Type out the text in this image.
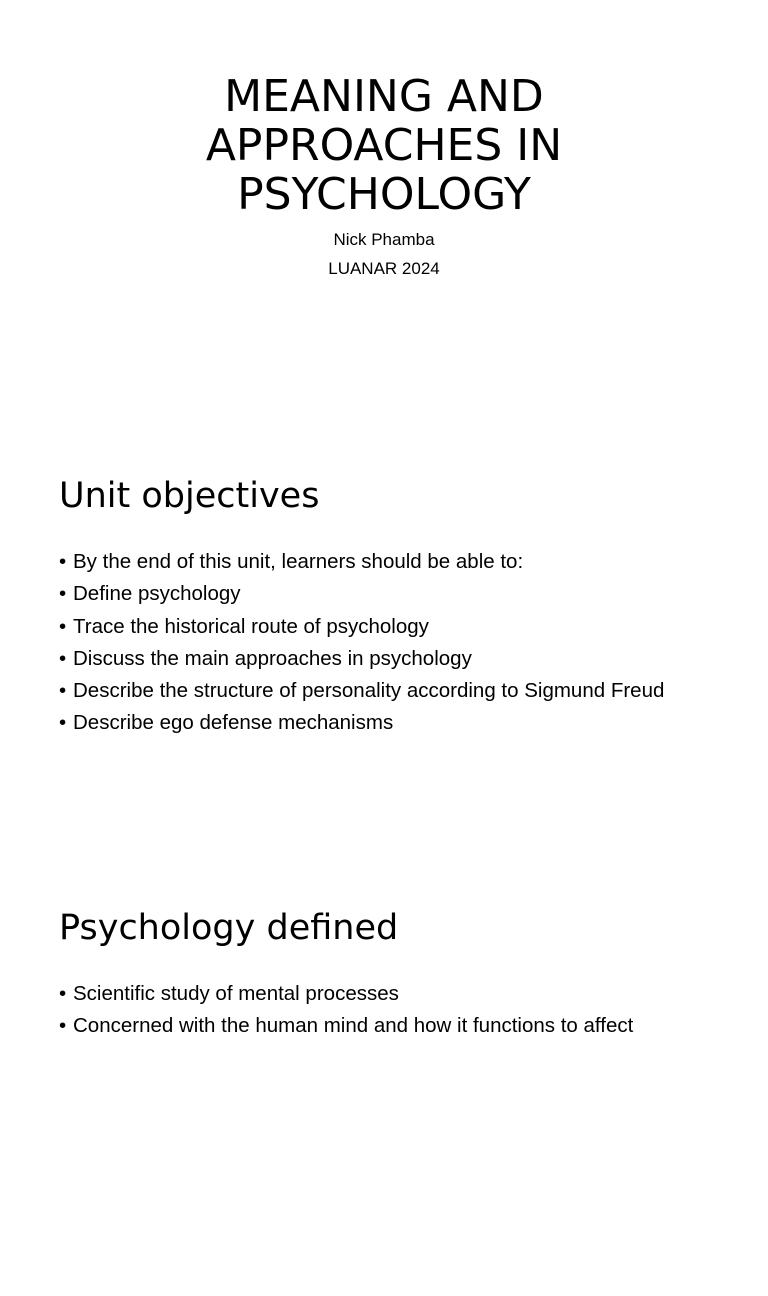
MEANING AND
APPROACHES IN
PSYCHOLOGY
Nick Phamba
LUANAR 2024
Unit objectives
• By the end of this unit, learners should be able to:
• Define psychology
• Trace the historical route of psychology
• Discuss the main approaches in psychology
• Describe the structure of personality according to Sigmund Freud
• Describe ego defense mechanisms
Psychology defined
• Scientific study of mental processes
• Concerned with the human mind and how it functions to affect
